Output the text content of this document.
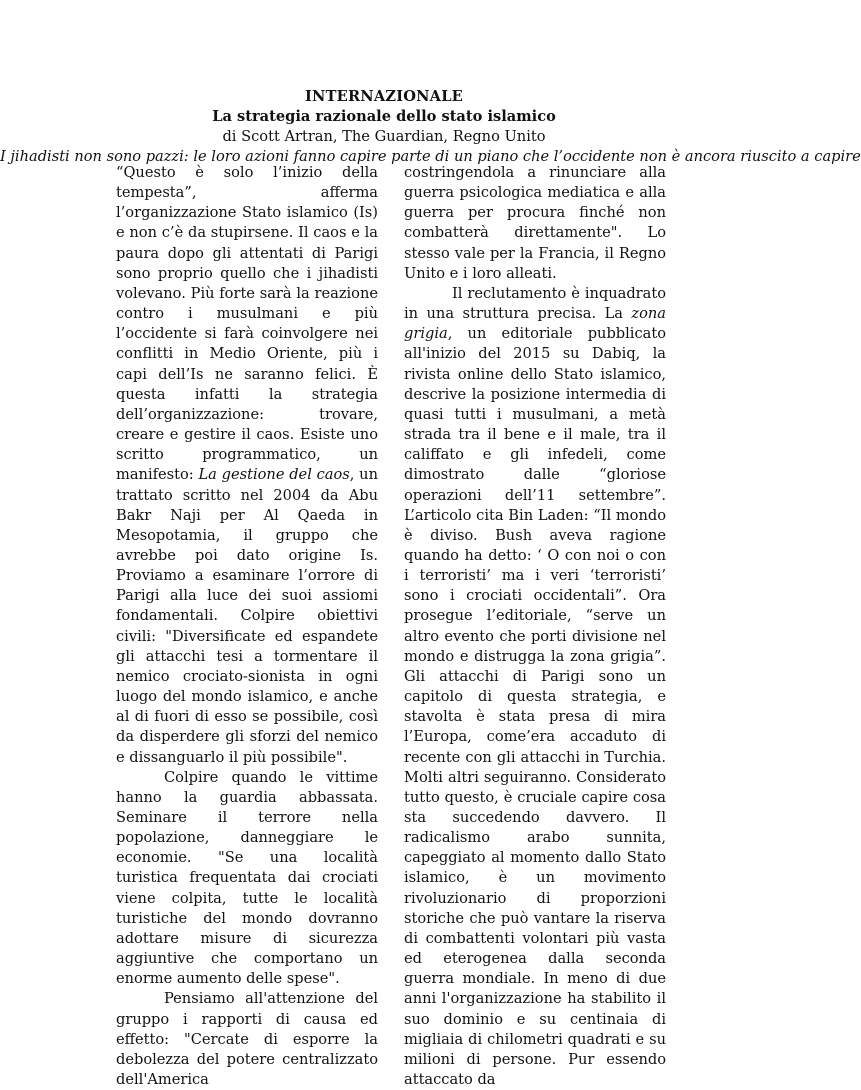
INTERNAZIONALE
La strategia razionale dello stato islamico
di Scott Artran, The Guardian, Regno Unito
I jihadisti non sono pazzi: le loro azioni fanno capire parte di un piano che l’occidente non è ancora riuscito a capire

“Questo è solo l’inizio della tempesta”, afferma l’organizzazione Stato islamico (Is) e non c’è da stupirsene. Il caos e la paura dopo gli attentati di Parigi sono proprio quello che i jihadisti volevano. Più forte sarà la reazione contro i musulmani e più l’occidente si farà coinvolgere nei conflitti in Medio Oriente, più i capi dell’Is ne saranno felici. È questa infatti la strategia dell’organizzazione: trovare, creare e gestire il caos. Esiste uno scritto programmatico, un manifesto: La gestione del caos, un trattato scritto nel 2004 da Abu Bakr Naji per Al Qaeda in Mesopotamia, il gruppo che avrebbe poi dato origine Is. Proviamo a esaminare l’orrore di Parigi alla luce dei suoi assiomi fondamentali. Colpire obiettivi civili: "Diversificate ed espandete gli attacchi tesi a tormentare il nemico crociato-sionista in ogni luogo del mondo islamico, e anche al di fuori di esso se possibile, così da disperdere gli sforzi del nemico e dissanguarlo il più possibile".

Colpire quando le vittime hanno la guardia abbassata. Seminare il terrore nella popolazione, danneggiare le economie. "Se una località turistica frequentata dai crociati viene colpita, tutte le località turistiche del mondo dovranno adottare misure di sicurezza aggiuntive che comportano un enorme aumento delle spese".

Pensiamo all'attenzione del gruppo i rapporti di causa ed effetto: "Cercate di esporre la debolezza del potere centralizzato dell'America

costringendola a rinunciare alla guerra psicologica mediatica e alla guerra per procura finché non combatterà direttamente". Lo stesso vale per la Francia, il Regno Unito e i loro alleati.

Il reclutamento è inquadrato in una struttura precisa. La zona grigia, un editoriale pubblicato all'inizio del 2015 su Dabiq, la rivista online dello Stato islamico, descrive la posizione intermedia di quasi tutti i musulmani, a metà strada tra il bene e il male, tra il califfato e gli infedeli, come dimostrato dalle “gloriose operazioni dell’11 settembre”. L’articolo cita Bin Laden: “Il mondo è diviso. Bush aveva ragione quando ha detto: ‘ O con noi o con i terroristi’ ma i veri ‘terroristi’ sono i crociati occidentali”. Ora prosegue l’editoriale, “serve un altro evento che porti divisione nel mondo e distrugga la zona grigia”. Gli attacchi di Parigi sono un capitolo di questa strategia, e stavolta è stata presa di mira l’Europa, come’era accaduto di recente con gli attacchi in Turchia. Molti altri seguiranno. Considerato tutto questo, è cruciale capire cosa sta succedendo davvero. Il radicalismo arabo sunnita, capeggiato al momento dallo Stato islamico, è un movimento rivoluzionario di proporzioni storiche che può vantare la riserva di combattenti volontari più vasta ed eterogenea dalla seconda guerra mondiale. In meno di due anni l'organizzazione ha stabilito il suo dominio e su centinaia di migliaia di chilometri quadrati e su milioni di persone. Pur essendo attaccato da
